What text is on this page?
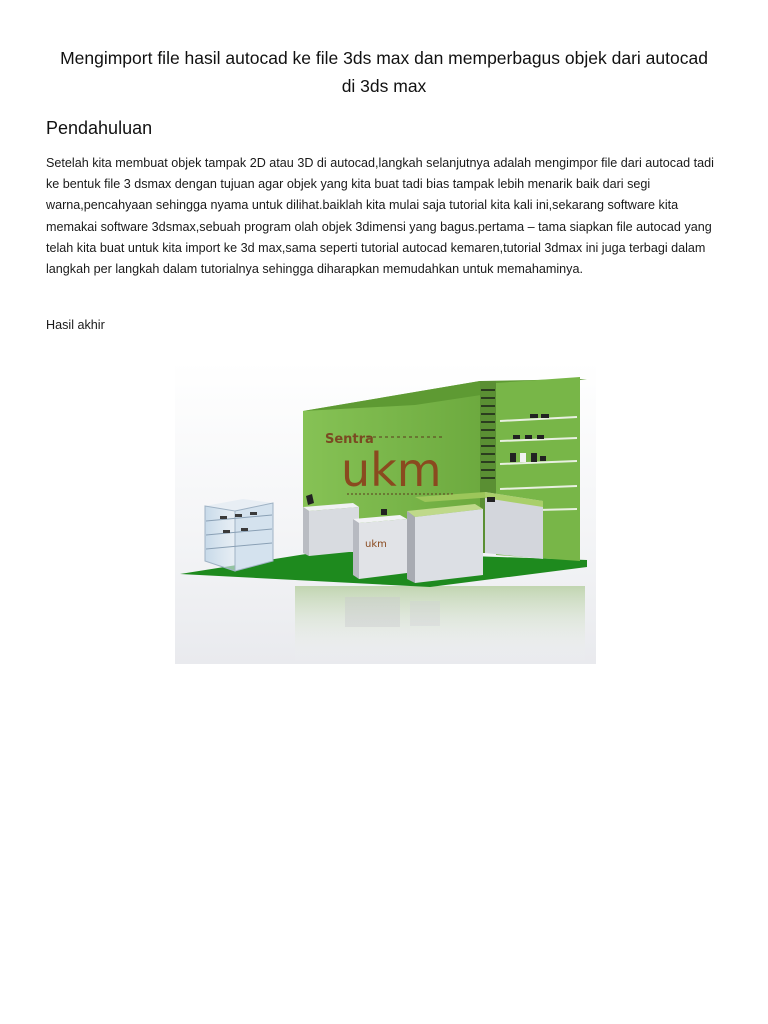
Mengimport file hasil autocad ke file 3ds max dan memperbagus objek dari autocad di 3ds max
Pendahuluan
Setelah kita membuat objek tampak 2D atau 3D di autocad,langkah selanjutnya adalah mengimpor file dari autocad tadi ke bentuk file 3 dsmax dengan tujuan agar objek yang kita buat tadi bias tampak lebih menarik baik dari segi warna,pencahyaan sehingga nyama untuk dilihat.baiklah kita mulai saja tutorial kita kali ini,sekarang software kita memakai software 3dsmax,sebuah program olah objek 3dimensi yang bagus.pertama – tama siapkan file autocad yang telah kita buat untuk kita import ke 3d max,sama seperti tutorial autocad kemaren,tutorial 3dmax ini juga terbagi dalam langkah per langkah dalam tutorialnya sehingga diharapkan memudahkan untuk memahaminya.
Hasil akhir
Sentra
ukm
ukm
